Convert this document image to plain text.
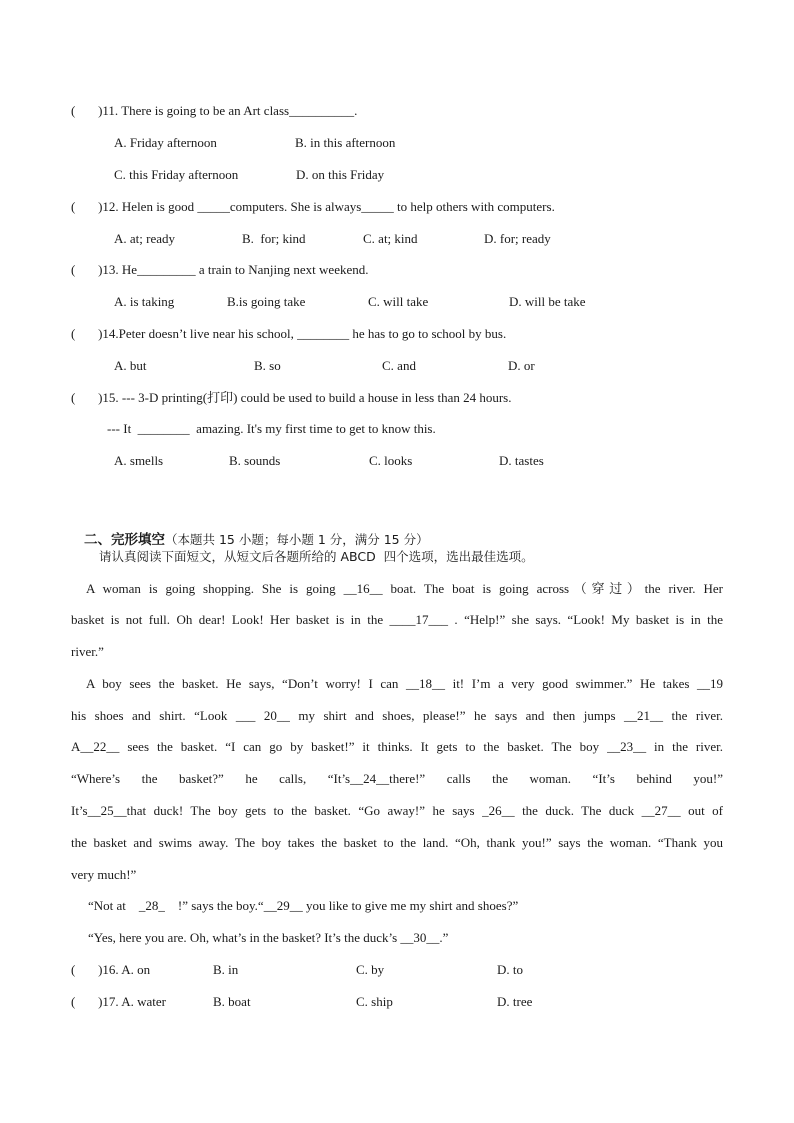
(       )11. There is going to be an Art class__________.
A. Friday afternoon	B. in this afternoon
C. this Friday afternoon	D. on this Friday
(       )12. Helen is good _____computers. She is always_____ to help others with computers.
A. at; ready	B.  for; kind	C. at; kind	D. for; ready
(       )13. He_________ a train to Nanjing next weekend.
A. is taking	B.is going take	C. will take	D. will be take
(       )14.Peter doesn’t live near his school, ________ he has to go to school by bus.
A. but	B. so	C. and	D. or
(       )15. --- 3-D printing(打印) could be used to build a house in less than 24 hours.
--- It  ________  amazing. It's my first time to get to know this.
A. smells	B. sounds	C. looks	D. tastes

二、完形填空（本题共 15 小题；每小题 1 分，满分 15 分）

请认真阅读下面短文，从短文后各题所给的 ABCD  四个选项，选出最佳选项。
A woman is going shopping. She is going __16__ boat. The boat is going across（穿过）the river. Her
basket is not full. Oh dear! Look! Her basket is in the ____17___ . “Help!” she says. “Look! My basket is in the
river.”
A boy sees the basket. He says, “Don’t worry! I can __18__ it! I’m a very good swimmer.” He takes __19
his shoes and shirt. “Look ___ 20__ my shirt and shoes, please!” he says and then jumps __21__ the river.
A__22__ sees the basket. “I can go by basket!” it thinks. It gets to the basket. The boy __23__ in the river.
“Where’s the basket?” he calls, “It’s__24__there!” calls the woman. “It’s behind you!”
It’s__25__that duck! The boy gets to the basket. “Go away!” he says _26__ the duck. The duck __27__ out of
the basket and swims away. The boy takes the basket to the land. “Oh, thank you!” says the woman. “Thank you
very much!”
“Not at    _28_    !” says the boy.“__29__ you like to give me my shirt and shoes?”
“Yes, here you are. Oh, what’s in the basket? It’s the duck’s __30__.”
(       )16. A. on	B. in	C. by	D. to
(       )17. A. water	B. boat	C. ship	D. tree
